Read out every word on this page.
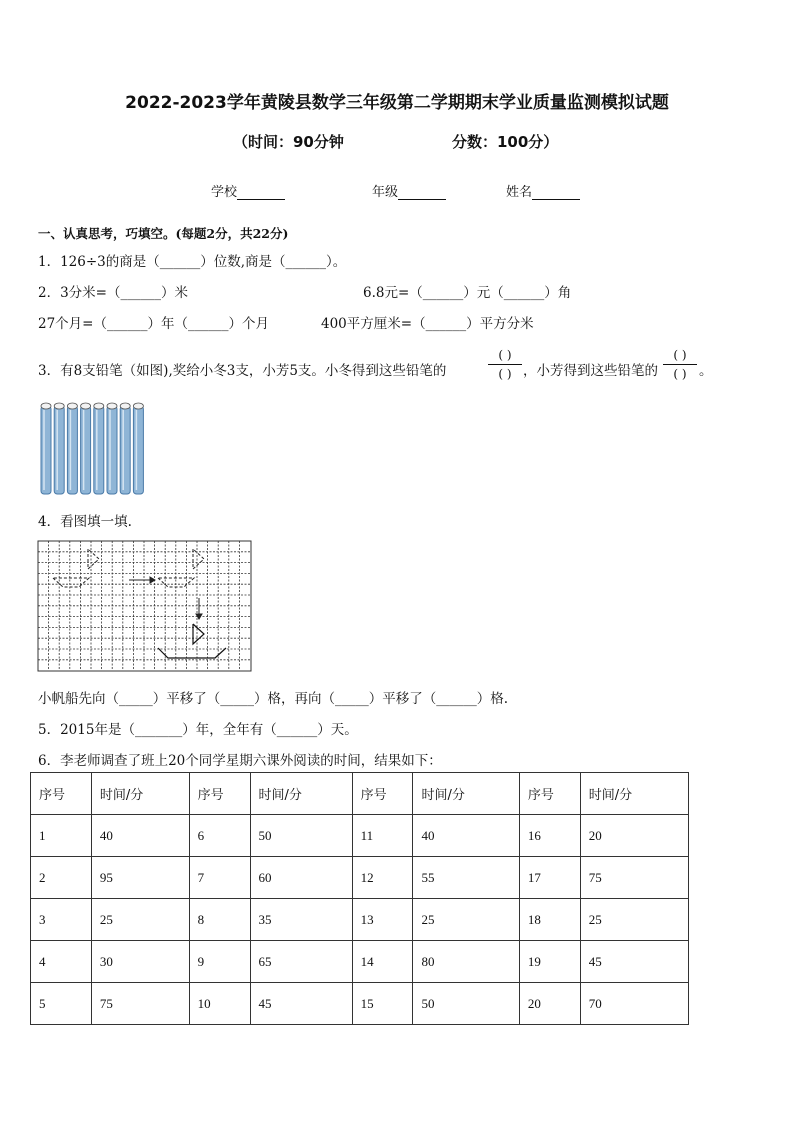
2022-2023学年黄陵县数学三年级第二学期期末学业质量监测模拟试题
（时间：90分钟	分数：100分）
学校	年级	姓名
一、认真思考，巧填空。(每题2分，共22分)
1．126÷3的商是（______）位数,商是（______）。
2．3分米=（______）米	6.8元=（______）元（______）角
27个月=（______）年（______）个月	400平方厘米=（______）平方分米
3．有8支铅笔（如图),奖给小冬3支，小芳5支。小冬得到这些铅笔的
( )
( ) ，小芳得到这些铅笔的
( )
( ) 。
4．看图填一填.
小帆船先向（_____）平移了（_____）格，再向（_____）平移了（______）格.
5．2015年是（_______）年，全年有（______）天。
6．李老师调查了班上20个同学星期六课外阅读的时间，结果如下：
序号	时间/分	序号	时间/分	序号	时间/分	序号	时间/分
1	40	6	50	11	40	16	20
2	95	7	60	12	55	17	75
3	25	8	35	13	25	18	25
4	30	9	65	14	80	19	45
5	75	10	45	15	50	20	70
